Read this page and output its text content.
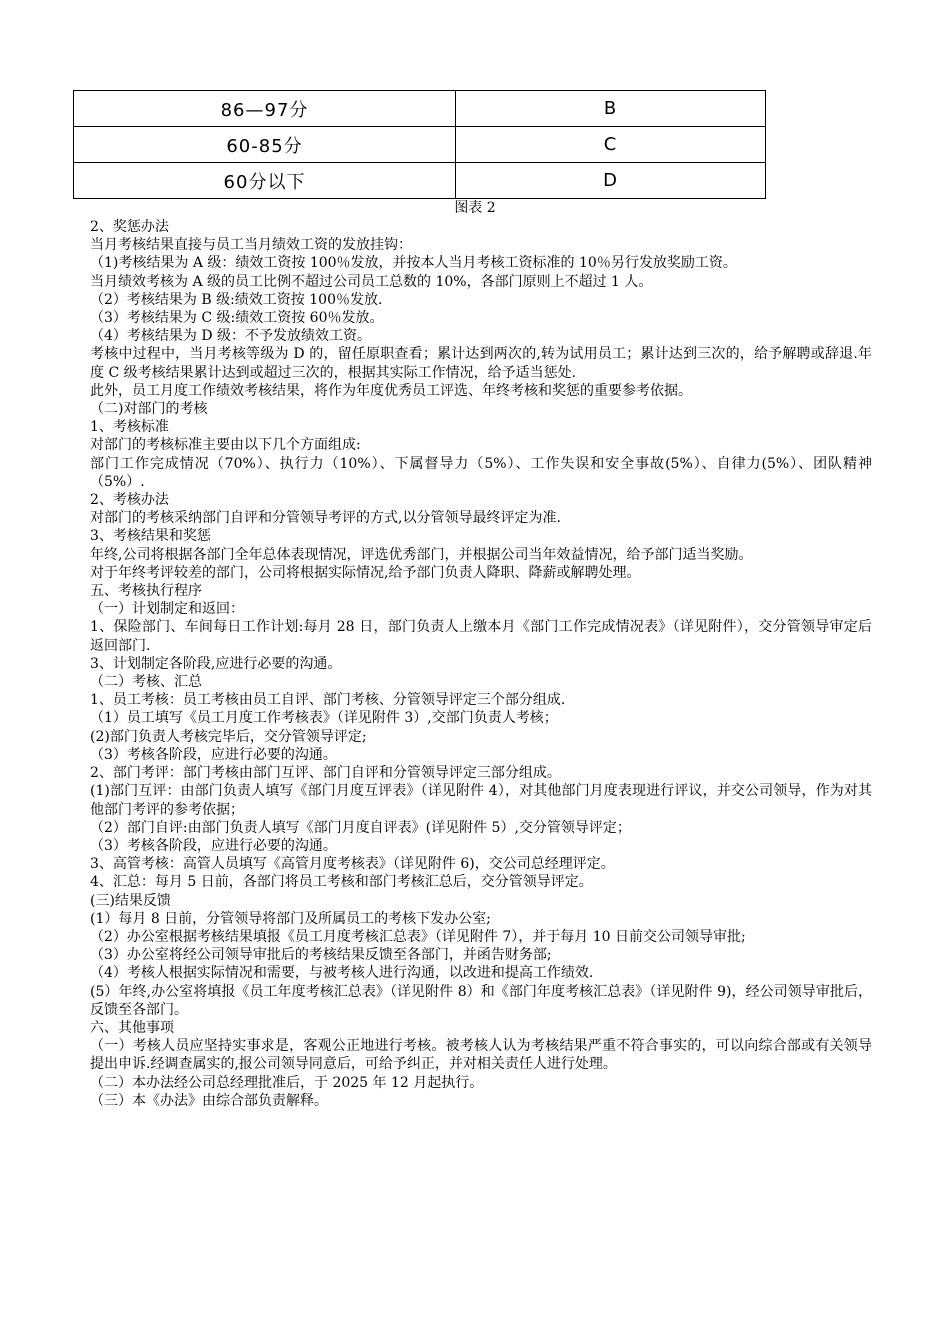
86—97分	B
60-85分	C
60分以下	D
图表 2

2、奖惩办法

当月考核结果直接与员工当月绩效工资的发放挂钩：

（1)考核结果为 A 级：绩效工资按 100％发放，并按本人当月考核工资标准的 10％另行发放奖励工资。

当月绩效考核为 A 级的员工比例不超过公司员工总数的 10%，各部门原则上不超过 1 人。

（2）考核结果为 B 级:绩效工资按 100％发放.

（3）考核结果为 C 级:绩效工资按 60％发放。

（4）考核结果为 D 级：不予发放绩效工资。

考核中过程中，当月考核等级为 D 的，留任原职查看；累计达到两次的,转为试用员工；累计达到三次的，给予解聘或辞退.年度 C 级考核结果累计达到或超过三次的，根据其实际工作情况，给予适当惩处.

此外，员工月度工作绩效考核结果，将作为年度优秀员工评选、年终考核和奖惩的重要参考依据。

（二)对部门的考核

1、考核标准

对部门的考核标准主要由以下几个方面组成:

部门工作完成情况（70%）、执行力（10%）、下属督导力（5%）、工作失误和安全事故(5%）、自律力(5%）、团队精神（5%）.

2、考核办法

对部门的考核采纳部门自评和分管领导考评的方式,以分管领导最终评定为准.

3、考核结果和奖惩

年终,公司将根据各部门全年总体表现情况，评选优秀部门，并根据公司当年效益情况，给予部门适当奖励。

对于年终考评较差的部门，公司将根据实际情况,给予部门负责人降职、降薪或解聘处理。

五、考核执行程序

（一）计划制定和返回：

1、保险部门、车间每日工作计划:每月 28 日，部门负责人上缴本月《部门工作完成情况表》（详见附件），交分管领导审定后返回部门.

3、计划制定各阶段,应进行必要的沟通。

（二）考核、汇总

1、员工考核：员工考核由员工自评、部门考核、分管领导评定三个部分组成.

（1）员工填写《员工月度工作考核表》（详见附件 3）,交部门负责人考核；

(2)部门负责人考核完毕后，交分管领导评定;

（3）考核各阶段，应进行必要的沟通。

2、部门考评：部门考核由部门互评、部门自评和分管领导评定三部分组成。

(1)部门互评：由部门负责人填写《部门月度互评表》（详见附件 4），对其他部门月度表现进行评议，并交公司领导，作为对其他部门考评的参考依据；

（2）部门自评:由部门负责人填写《部门月度自评表》(详见附件 5）,交分管领导评定；

（3）考核各阶段，应进行必要的沟通。

3、高管考核：高管人员填写《高管月度考核表》（详见附件 6)，交公司总经理评定。

4、汇总：每月 5 日前，各部门将员工考核和部门考核汇总后，交分管领导评定。

(三)结果反馈

(1）每月 8 日前，分管领导将部门及所属员工的考核下发办公室;

（2）办公室根据考核结果填报《员工月度考核汇总表》（详见附件 7），并于每月 10 日前交公司领导审批;

（3）办公室将经公司领导审批后的考核结果反馈至各部门，并函告财务部;

（4）考核人根据实际情况和需要，与被考核人进行沟通，以改进和提高工作绩效.

(5）年终,办公室将填报《员工年度考核汇总表》（详见附件 8）和《部门年度考核汇总表》（详见附件 9)，经公司领导审批后，反馈至各部门。

六、其他事项

（一）考核人员应坚持实事求是，客观公正地进行考核。被考核人认为考核结果严重不符合事实的，可以向综合部或有关领导提出申诉.经调查属实的,报公司领导同意后，可给予纠正，并对相关责任人进行处理。

（二）本办法经公司总经理批准后，于 2025 年 12 月起执行。

（三）本《办法》由综合部负责解释。
